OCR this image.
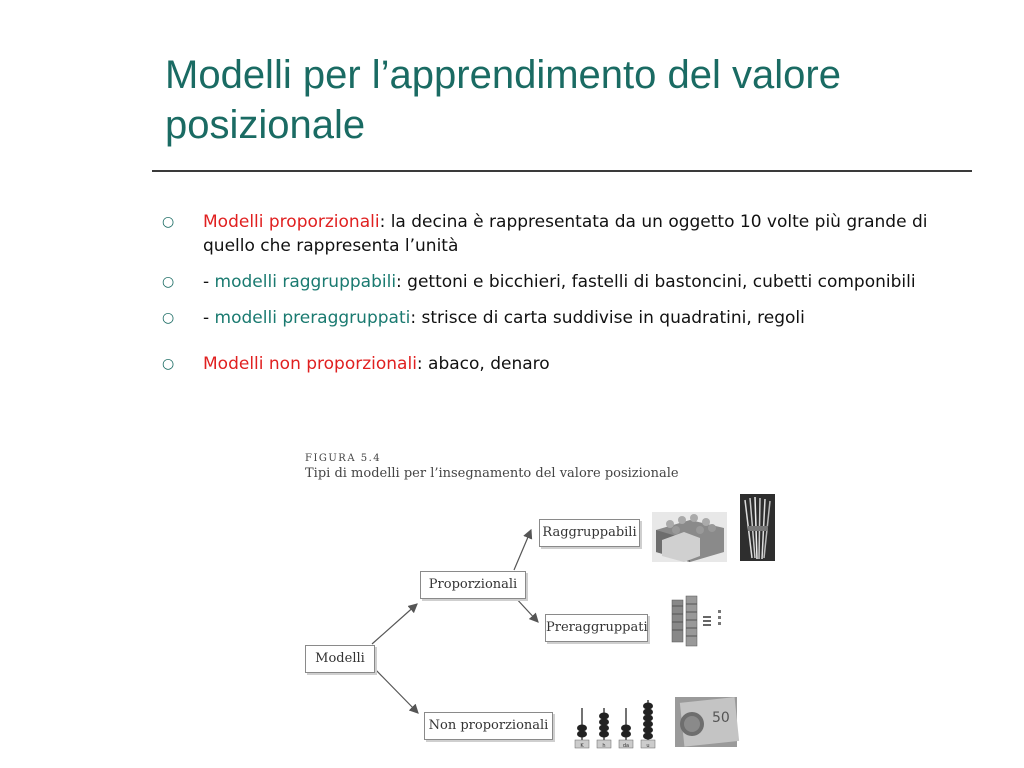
Modelli per l’apprendimento del valore posizionale
○ Modelli proporzionali: la decina è rappresentata da un oggetto 10 volte più grande di quello che rappresenta l’unità
○ - modelli raggruppabili: gettoni e bicchieri, fastelli di bastoncini, cubetti componibili
○ - modelli preraggruppati: strisce di carta suddivise in quadratini, regoli
○ Modelli non proporzionali: abaco, denaro
FIGURA 5.4
Tipi di modelli per l’insegnamento del valore posizionale
K	h	da	u
50
Modelli
Proporzionali
Non proporzionali
Raggruppabili
Preraggruppati
